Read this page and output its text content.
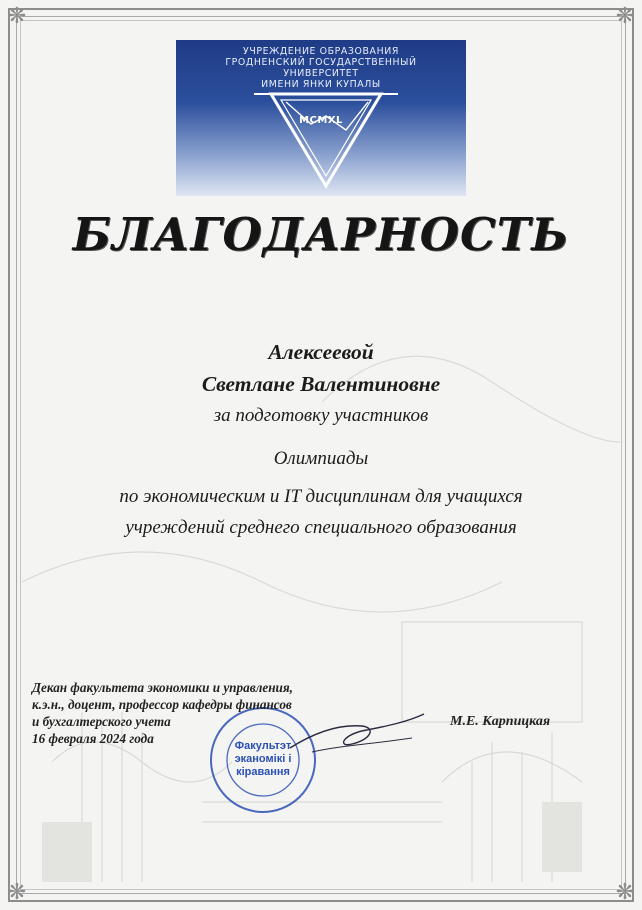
❋	❋
❋	❋
УЧРЕЖДЕНИЕ ОБРАЗОВАНИЯ
ГРОДНЕНСКИЙ ГОСУДАРСТВЕННЫЙ
УНИВЕРСИТЕТ
ИМЕНИ ЯНКИ КУПАЛЫ
MCMXL
БЛАГОДАРНОСТЬ
Алексеевой
Светлане Валентиновне
за подготовку участников
Олимпиады
по экономическим и IT дисциплинам для учащихся
учреждений среднего специального образования
Факультэт
эканомікі і
кіравання
Декан факультета экономики и управления,
к.э.н., доцент, профессор кафедры финансов
и бухгалтерского учета
16 февраля 2024 года
М.Е. Карпицкая
